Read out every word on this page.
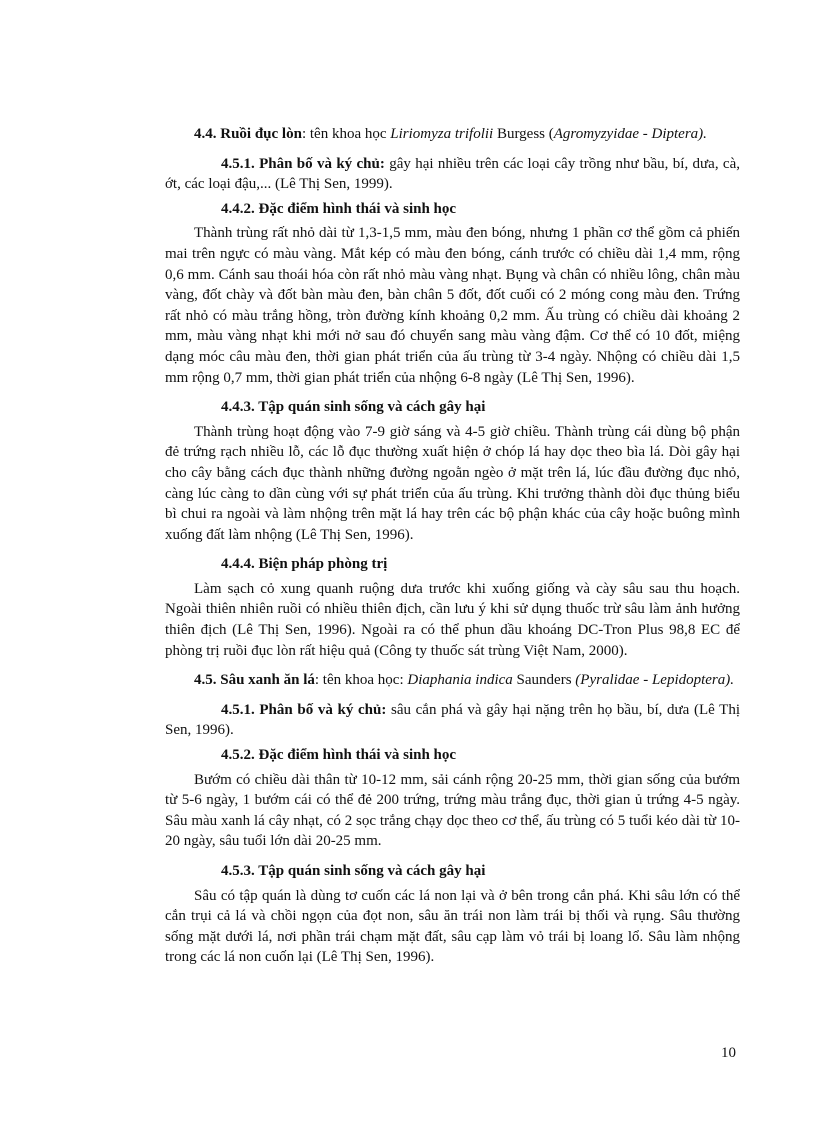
4.4. Ruồi đục lòn: tên khoa học Liriomyza trifolii Burgess (Agromyzyidae - Diptera).

4.5.1. Phân bố và ký chủ: gây hại nhiều trên các loại cây trồng như bầu, bí, dưa, cà, ớt, các loại đậu,... (Lê Thị Sen, 1999).

4.4.2. Đặc điểm hình thái và sinh học

Thành trùng rất nhỏ dài từ 1,3-1,5 mm, màu đen bóng, nhưng 1 phần cơ thể gồm cả phiến mai trên ngực có màu vàng. Mắt kép có màu đen bóng, cánh trước có chiều dài 1,4 mm, rộng 0,6 mm. Cánh sau thoái hóa còn rất nhỏ màu vàng nhạt. Bụng và chân có nhiều lông, chân màu vàng, đốt chày và đốt bàn màu đen, bàn chân 5 đốt, đốt cuối có 2 móng cong màu đen. Trứng rất nhỏ có màu trắng hồng, tròn đường kính khoảng 0,2 mm. Ấu trùng có chiều dài khoảng 2 mm, màu vàng nhạt khi mới nở sau đó chuyển sang màu vàng đậm. Cơ thể có 10 đốt, miệng dạng móc câu màu đen, thời gian phát triển của ấu trùng từ 3-4 ngày. Nhộng có chiều dài 1,5 mm rộng 0,7 mm, thời gian phát triển của nhộng 6-8 ngày (Lê Thị Sen, 1996).

4.4.3. Tập quán sinh sống và cách gây hại

Thành trùng hoạt động vào 7-9 giờ sáng và 4-5 giờ chiều. Thành trùng cái dùng bộ phận đẻ trứng rạch nhiều lỗ, các lỗ đục thường xuất hiện ở chóp lá hay dọc theo bìa lá. Dòi gây hại cho cây bằng cách đục thành những đường ngoằn ngèo ở mặt trên lá, lúc đầu đường đục nhỏ, càng lúc càng to dần cùng với sự phát triển của ấu trùng. Khi trưởng thành dòi đục thủng biểu bì chui ra ngoài và làm nhộng trên mặt lá hay trên các bộ phận khác của cây hoặc buông mình xuống đất làm nhộng (Lê Thị Sen, 1996).

4.4.4. Biện pháp phòng trị

Làm sạch cỏ xung quanh ruộng dưa trước khi xuống giống và cày sâu sau thu hoạch. Ngoài thiên nhiên ruồi có nhiều thiên địch, cần lưu ý khi sử dụng thuốc trừ sâu làm ảnh hưởng thiên địch (Lê Thị Sen, 1996). Ngoài ra có thể phun dầu khoáng DC-Tron Plus 98,8 EC để phòng trị ruồi đục lòn rất hiệu quả (Công ty thuốc sát trùng Việt Nam, 2000).

4.5. Sâu xanh ăn lá: tên khoa học: Diaphania indica Saunders (Pyralidae - Lepidoptera).

4.5.1. Phân bố và ký chủ: sâu cắn phá và gây hại nặng trên họ bầu, bí, dưa (Lê Thị Sen, 1996).

4.5.2. Đặc điểm hình thái và sinh học

Bướm có chiều dài thân từ 10-12 mm, sải cánh rộng 20-25 mm, thời gian sống của bướm từ 5-6 ngày, 1 bướm cái có thể đẻ 200 trứng, trứng màu trắng đục, thời gian ủ trứng 4-5 ngày. Sâu màu xanh lá cây nhạt, có 2 sọc trắng chạy dọc theo cơ thể, ấu trùng có 5 tuổi kéo dài từ 10-20 ngày, sâu tuổi lớn dài 20-25 mm.

4.5.3. Tập quán sinh sống và cách gây hại

Sâu có tập quán là dùng tơ cuốn các lá non lại và ở bên trong cắn phá. Khi sâu lớn có thể cắn trụi cả lá và chồi ngọn của đọt non, sâu ăn trái non làm trái bị thối và rụng. Sâu thường sống mặt dưới lá, nơi phần trái chạm mặt đất, sâu cạp làm vỏ trái bị loang lổ. Sâu làm nhộng trong các lá non cuốn lại (Lê Thị Sen, 1996).

10
